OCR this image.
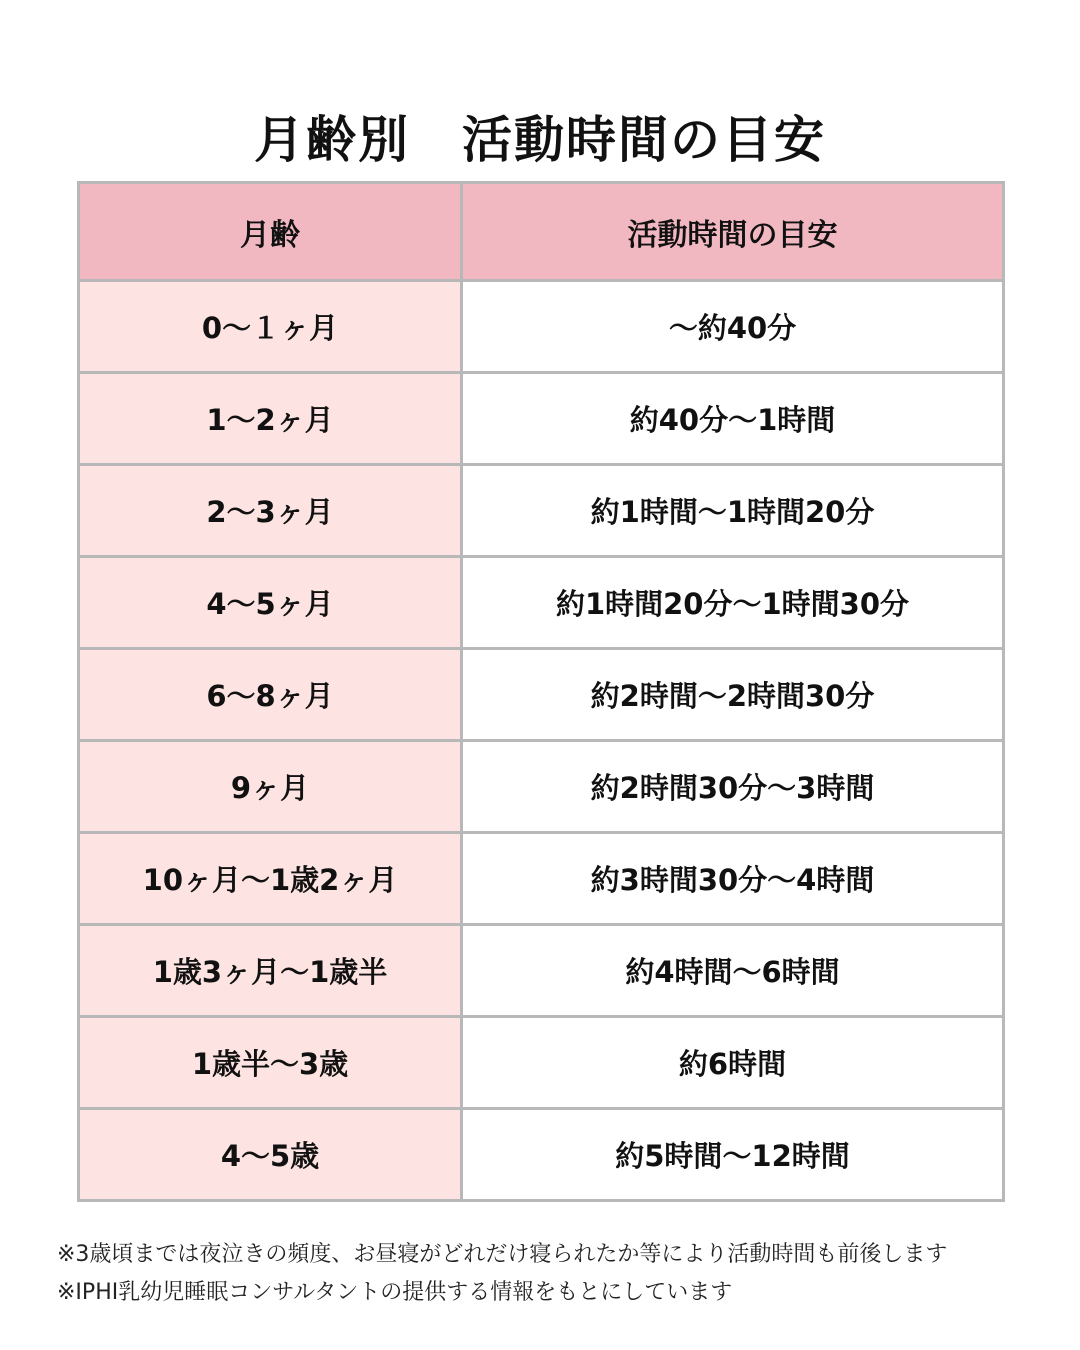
月齢別　活動時間の目安
月齢	活動時間の目安
0～１ヶ月	～約40分
1～2ヶ月	約40分～1時間
2～3ヶ月	約1時間～1時間20分
4～5ヶ月	約1時間20分～1時間30分
6～8ヶ月	約2時間～2時間30分
9ヶ月	約2時間30分～3時間
10ヶ月～1歳2ヶ月	約3時間30分～4時間
1歳3ヶ月～1歳半	約4時間～6時間
1歳半～3歳	約6時間
4～5歳	約5時間～12時間
※3歳頃までは夜泣きの頻度、お昼寝がどれだけ寝られたか等により活動時間も前後します
※IPHI乳幼児睡眠コンサルタントの提供する情報をもとにしています
